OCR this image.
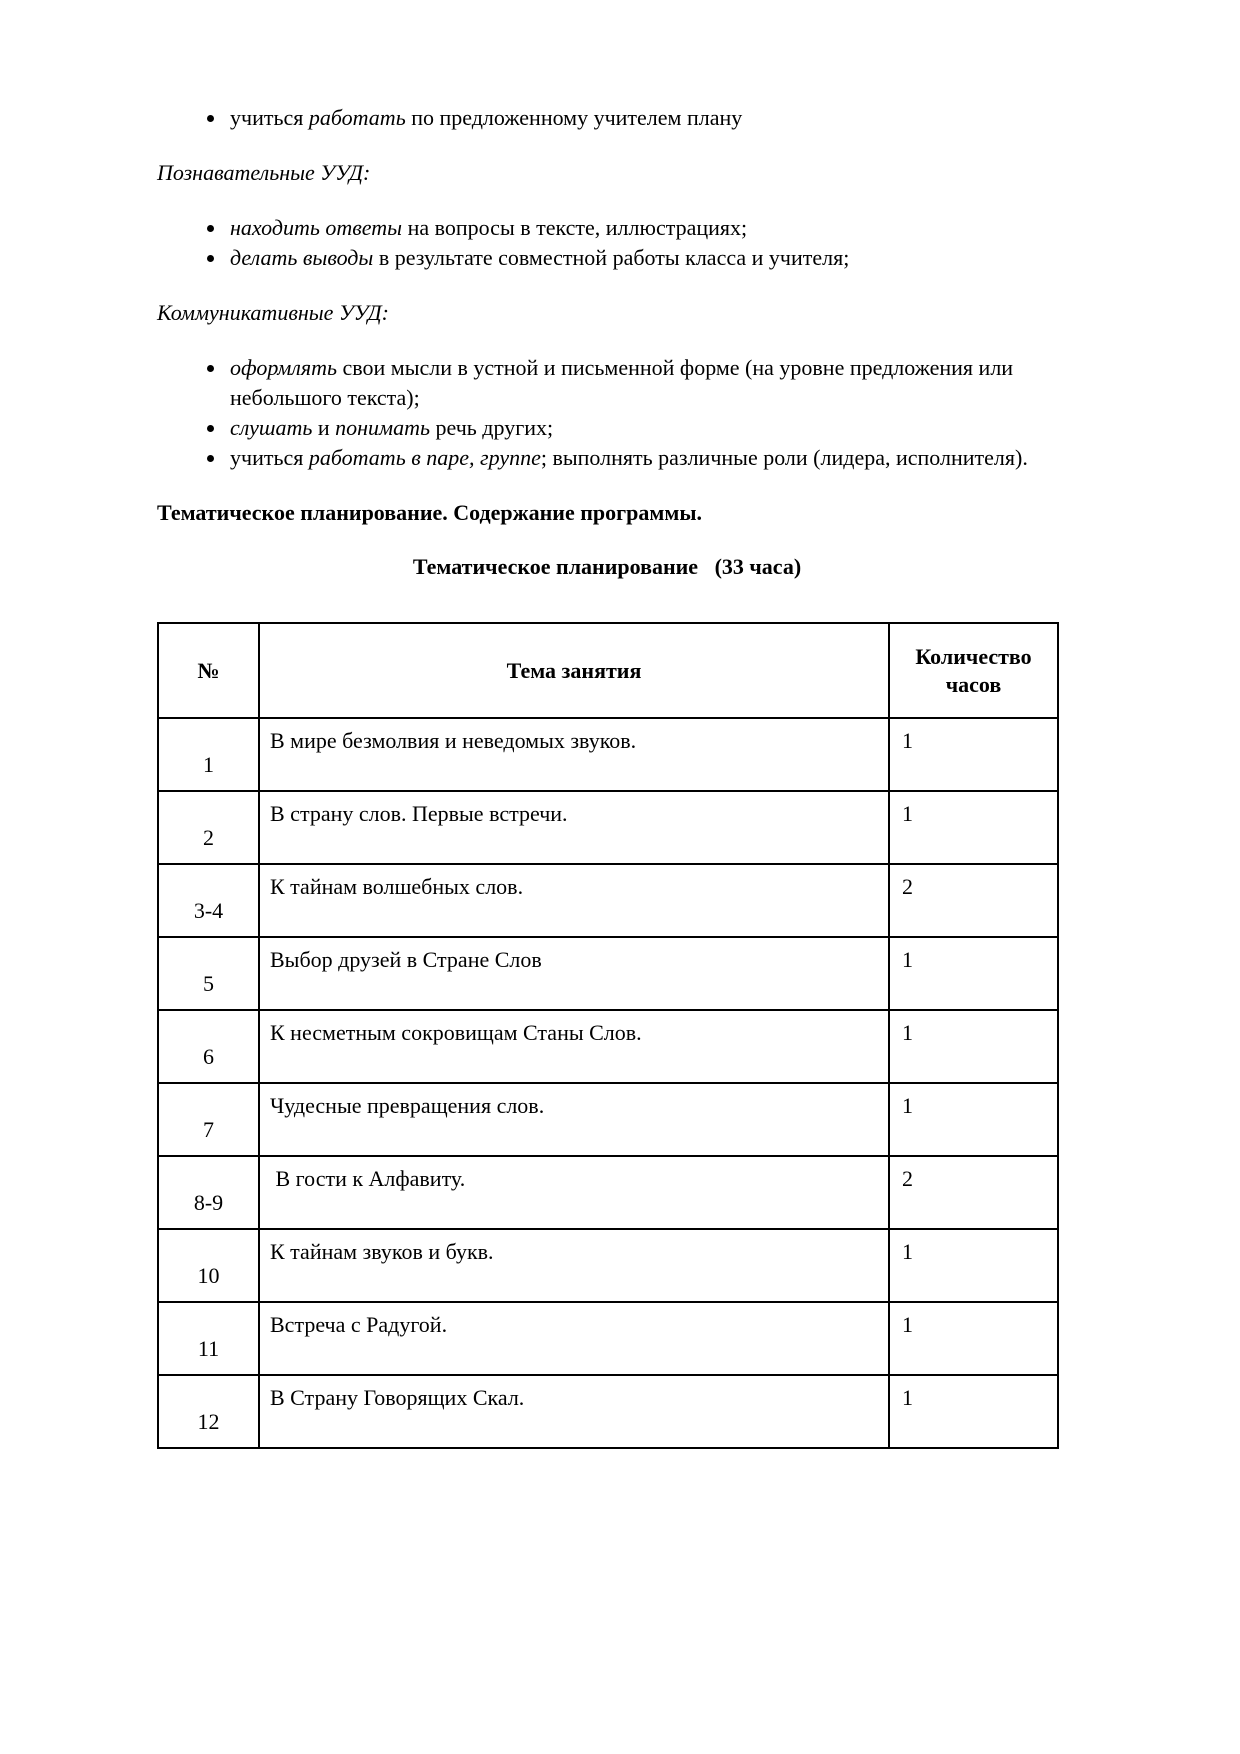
• учиться работать по предложенному учителем плану

Познавательные УУД:

• находить ответы на вопросы в тексте, иллюстрациях;
• делать выводы в результате совместной работы класса и учителя;

Коммуникативные УУД:

• оформлять свои мысли в устной и письменной форме (на уровне предложения или небольшого текста);
• слушать и понимать речь других;
• учиться работать в паре, группе; выполнять различные роли (лидера, исполнителя).

Тематическое планирование. Содержание программы.

Тематическое планирование   (33 часа)

№	Тема занятия	Количество часов
1	В мире безмолвия и неведомых звуков.	1
2	В страну слов. Первые встречи.	1
3-4	К тайнам волшебных слов.	2
5	Выбор друзей в Стране Слов	1
6	К несметным сокровищам Станы Слов.	1
7	Чудесные превращения слов.	1
8-9	В гости к Алфавиту.	2
10	К тайнам звуков и букв.	1
11	Встреча с Радугой.	1
12	В Страну Говорящих Скал.	1
